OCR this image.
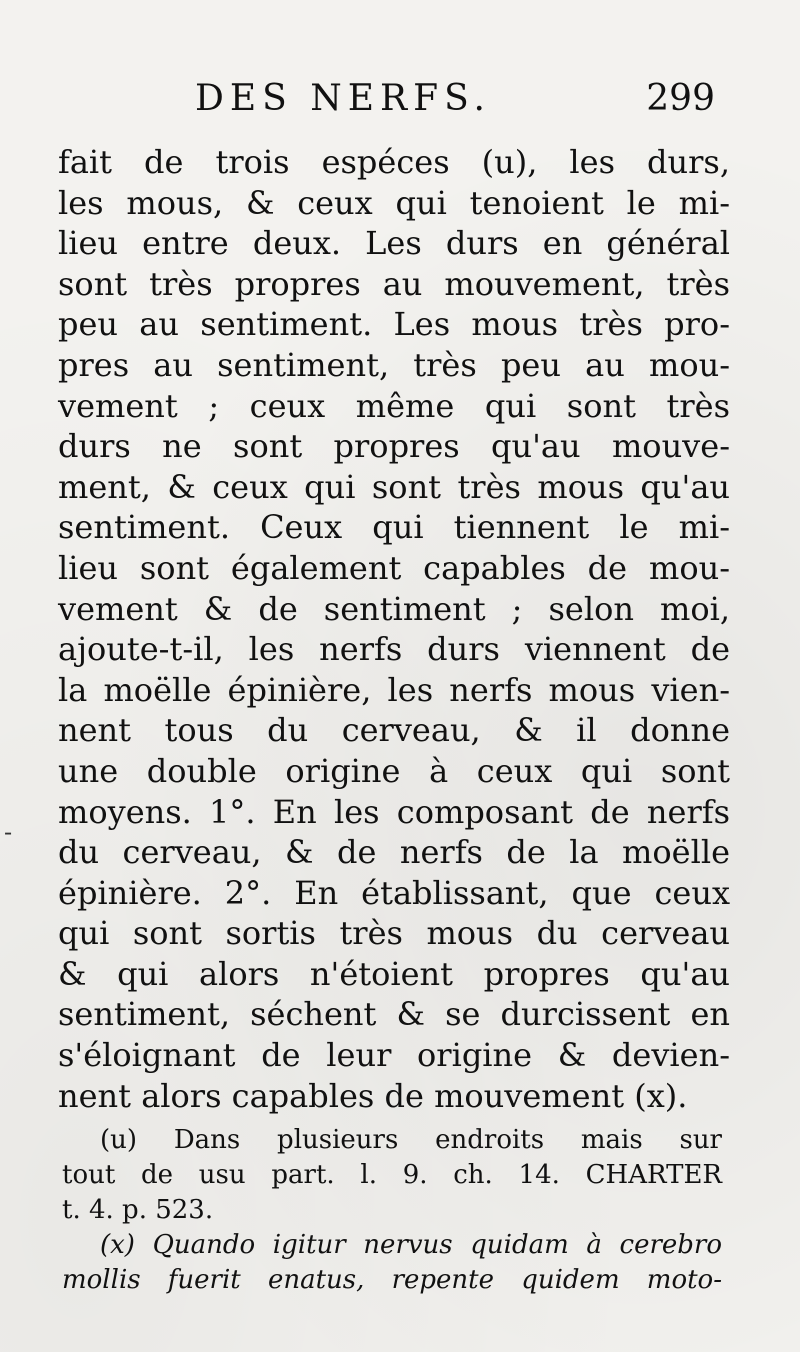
DES NERFS.	299
-
fait de trois espéces (u), les durs,
les mous, & ceux qui tenoient le mi-
lieu entre deux. Les durs en général
sont très propres au mouvement, très
peu au sentiment. Les mous très pro-
pres au sentiment, très peu au mou-
vement ; ceux même qui sont très
durs ne sont propres qu'au mouve-
ment, & ceux qui sont très mous qu'au
sentiment. Ceux qui tiennent le mi-
lieu sont également capables de mou-
vement & de sentiment ; selon moi,
ajoute-t-il, les nerfs durs viennent de
la moëlle épinière, les nerfs mous vien-
nent tous du cerveau, & il donne
une double origine à ceux qui sont
moyens. 1°. En les composant de nerfs
du cerveau, & de nerfs de la moëlle
épinière. 2°. En établissant, que ceux
qui sont sortis très mous du cerveau
& qui alors n'étoient propres qu'au
sentiment, séchent & se durcissent en
s'éloignant de leur origine & devien-
nent alors capables de mouvement (x).
(u) Dans plusieurs endroits mais sur
tout de usu part. l. 9. ch. 14. CHARTER
t. 4. p. 523.
(x) Quando igitur nervus quidam à cerebro
mollis fuerit enatus, repente quidem moto-
